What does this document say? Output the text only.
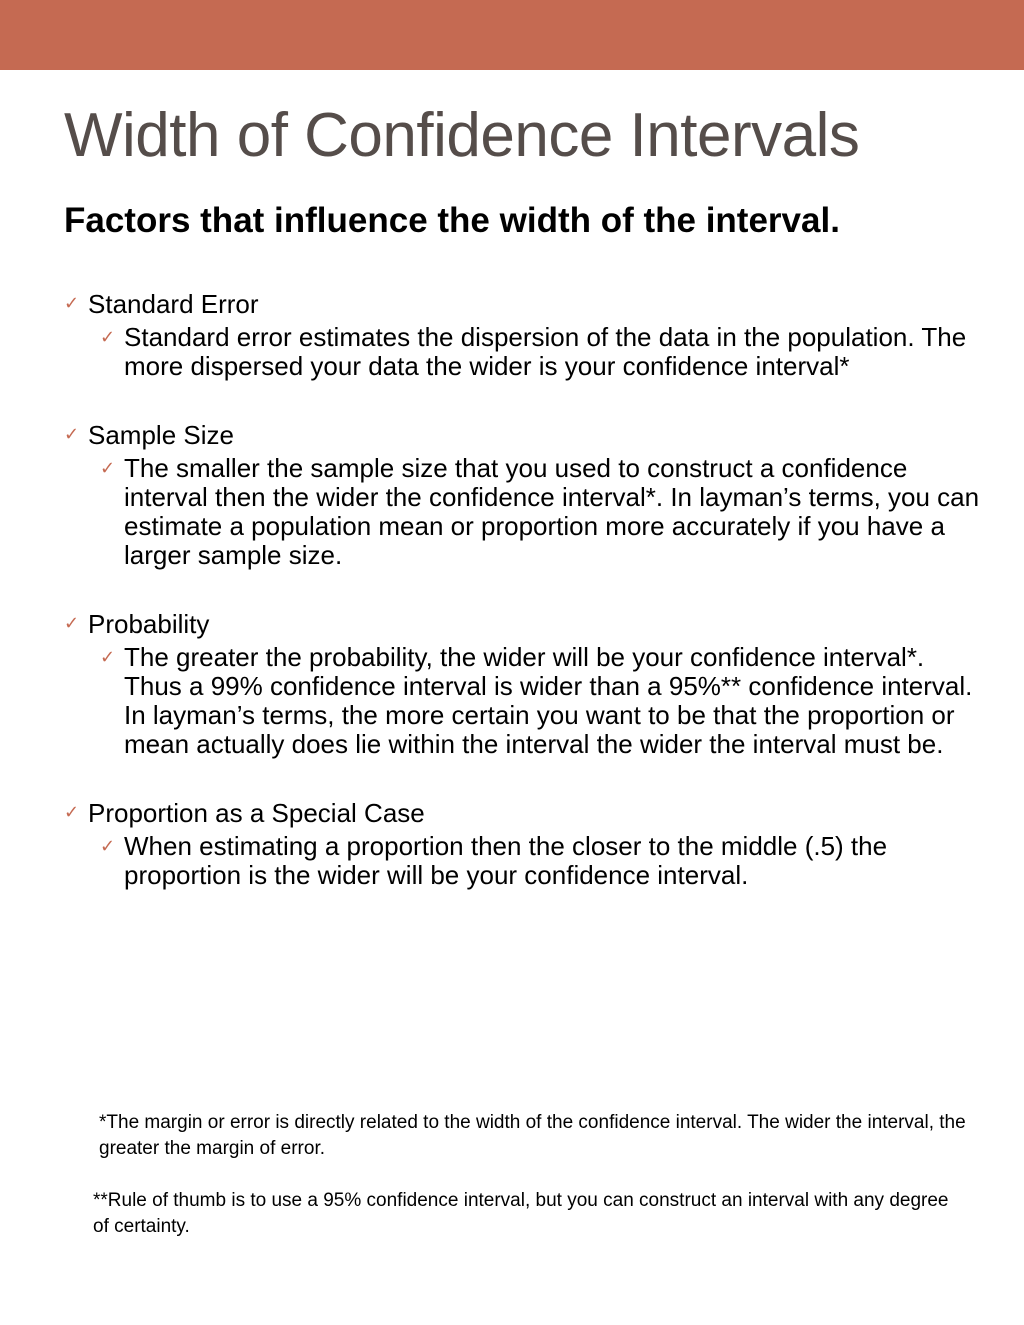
Width of Confidence Intervals
Factors that influence the width of the interval.
✓ Standard Error
✓ Standard error estimates the dispersion of the data in the population. The more dispersed your data the wider is your confidence interval*
✓ Sample Size
✓ The smaller the sample size that you used to construct a confidence interval then the wider the confidence interval*. In layman’s terms, you can estimate a population mean or proportion more accurately if you have a larger sample size.
✓ Probability
✓ The greater the probability, the wider will be your confidence interval*. Thus a 99% confidence interval is wider than a 95%** confidence interval. In layman’s terms, the more certain you want to be that the proportion or mean actually does lie within the interval the wider the interval must be.
✓ Proportion as a Special Case
✓ When estimating a proportion then the closer to the middle (.5) the proportion is the wider will be your confidence interval.

*The margin or error is directly related to the width of the confidence interval. The wider the interval, the greater the margin of error.

**Rule of thumb is to use a 95% confidence interval, but you can construct an interval with any degree of certainty.
